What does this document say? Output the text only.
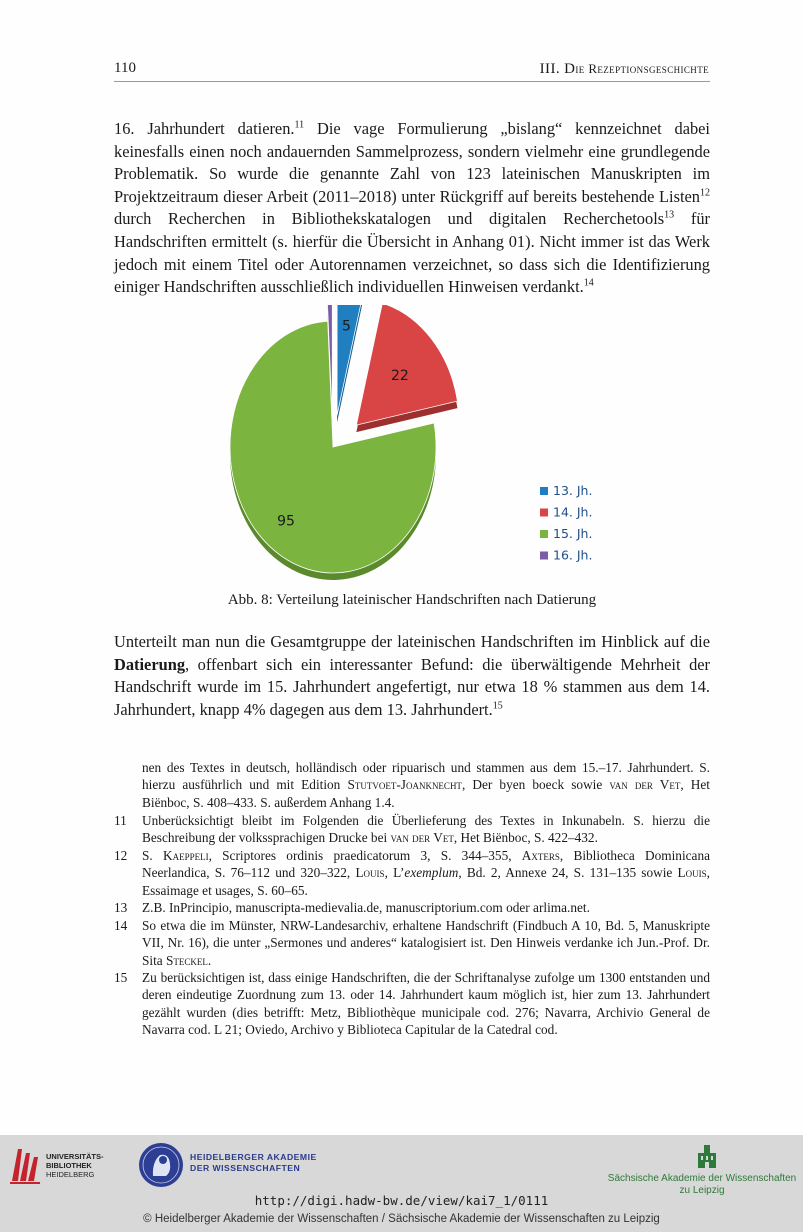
110	III. Die Rezeptionsgeschichte

16. Jahrhundert datieren.$^{11}$ Die vage Formulierung „bislang“ kennzeichnet dabei keinesfalls einen noch andauernden Sammelprozess, sondern vielmehr eine grundlegende Problematik. So wurde die genannte Zahl von 123 lateinischen Manuskripten im Projektzeitraum dieser Arbeit (2011–2018) unter Rückgriff auf bereits bestehende Listen$^{12}$ durch Recherchen in Bibliothekskatalogen und digitalen Recherchetools$^{13}$ für Handschriften ermittelt (s. hierfür die Übersicht in Anhang 01). Nicht immer ist das Werk jedoch mit einem Titel oder Autorennamen verzeichnet, so dass sich die Identifizierung einiger Handschriften ausschließlich individuellen Hinweisen verdankt.$^{14}$

5
22
95
13. Jh.
14. Jh.
15. Jh.
16. Jh.
Abb. 8: Verteilung lateinischer Handschriften nach Datierung

Unterteilt man nun die Gesamtgruppe der lateinischen Handschriften im Hinblick auf die Datierung, offenbart sich ein interessanter Befund: die überwältigende Mehrheit der Handschrift wurde im 15. Jahrhundert angefertigt, nur etwa 18 % stammen aus dem 14. Jahrhundert, knapp 4% dagegen aus dem 13. Jahrhundert.$^{15}$

nen des Textes in deutsch, holländisch oder ripuarisch und stammen aus dem 15.–17. Jahrhundert. S. hierzu ausführlich und mit Edition Stutvoet-Joanknecht, Der byen boeck sowie van der Vet, Het Biënboc, S. 408–433. S. außerdem Anhang 1.4.
11	Unberücksichtigt bleibt im Folgenden die Überlieferung des Textes in Inkunabeln. S. hierzu die Beschreibung der volkssprachigen Drucke bei van der Vet, Het Biënboc, S. 422–432.
12	S. Kaeppeli, Scriptores ordinis praedicatorum 3, S. 344–355, Axters, Bibliotheca Dominicana Neerlandica, S. 76–112 und 320–322, Louis, L’exemplum, Bd. 2, Annexe 24, S. 131–135 sowie Louis, Essaimage et usages, S. 60–65.
13	Z.B. InPrincipio, manuscripta-medievalia.de, manuscriptorium.com oder arlima.net.
14	So etwa die im Münster, NRW-Landesarchiv, erhaltene Handschrift (Findbuch A 10, Bd. 5, Manuskripte VII, Nr. 16), die unter „Sermones und anderes“ katalogisiert ist. Den Hinweis verdanke ich Jun.-Prof. Dr. Sita Steckel.
15	Zu berücksichtigen ist, dass einige Handschriften, die der Schriftanalyse zufolge um 1300 entstanden und deren eindeutige Zuordnung zum 13. oder 14. Jahrhundert kaum möglich ist, hier zum 13. Jahrhundert gezählt wurden (dies betrifft: Metz, Bibliothèque municipale cod. 276; Navarra, Archivio General de Navarra cod. L 21; Oviedo, Archivo y Biblioteca Capitular de la Catedral cod.
UNIVERSITÄTS-
BIBLIOTHEK
HEIDELBERG
HEIDELBERGER AKADEMIE
DER WISSENSCHAFTEN
Sächsische Akademie der Wissenschaften
zu Leipzig
http://digi.hadw-bw.de/view/kai7_1/0111
© Heidelberger Akademie der Wissenschaften / Sächsische Akademie der Wissenschaften zu Leipzig
